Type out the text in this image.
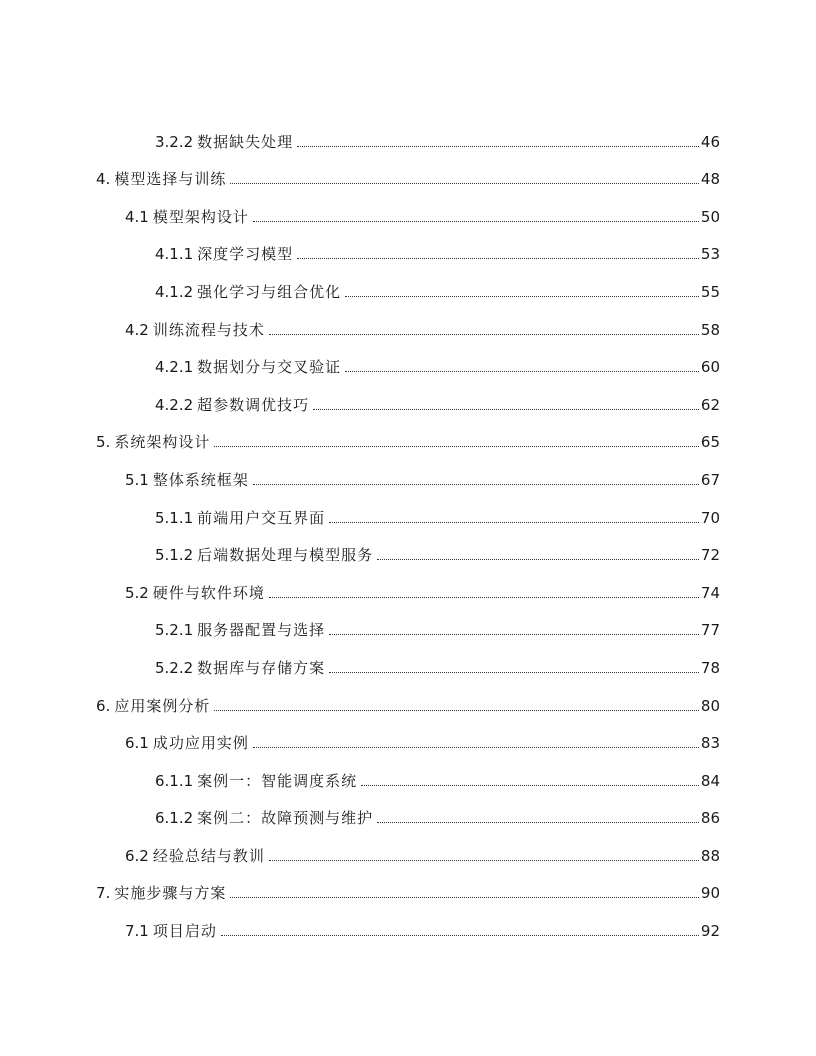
3.2.2 数据缺失处理	46
4. 模型选择与训练	48
4.1 模型架构设计	50
4.1.1 深度学习模型	53
4.1.2 强化学习与组合优化	55
4.2 训练流程与技术	58
4.2.1 数据划分与交叉验证	60
4.2.2 超参数调优技巧	62
5. 系统架构设计	65
5.1 整体系统框架	67
5.1.1 前端用户交互界面	70
5.1.2 后端数据处理与模型服务	72
5.2 硬件与软件环境	74
5.2.1 服务器配置与选择	77
5.2.2 数据库与存储方案	78
6. 应用案例分析	80
6.1 成功应用实例	83
6.1.1 案例一：智能调度系统	84
6.1.2 案例二：故障预测与维护	86
6.2 经验总结与教训	88
7. 实施步骤与方案	90
7.1 项目启动	92
